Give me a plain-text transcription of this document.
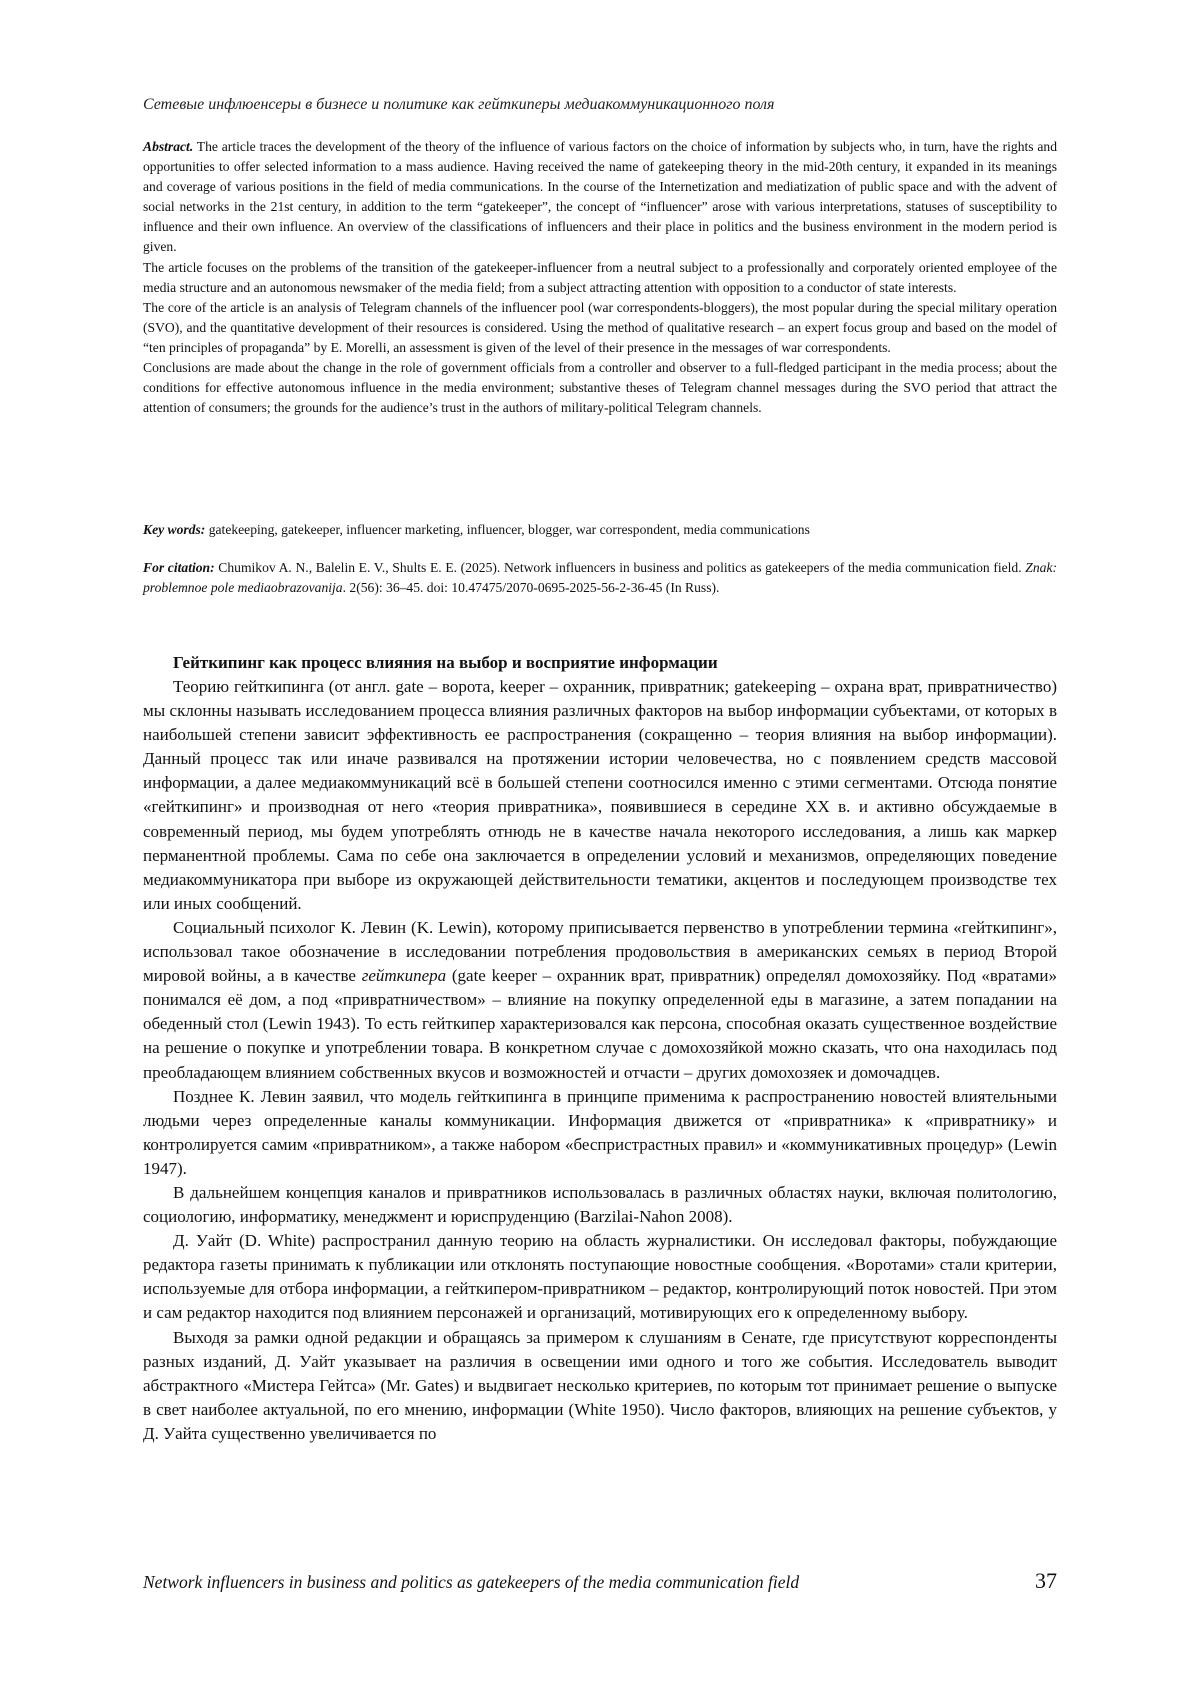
Сетевые инфлюенсеры в бизнесе и политике как гейткиперы медиакоммуникационного поля

Abstract. The article traces the development of the theory of the influence of various factors on the choice of information by subjects who, in turn, have the rights and opportunities to offer selected information to a mass audience. Having received the name of gatekeeping theory in the mid-20th century, it expanded in its meanings and coverage of various positions in the field of media communications. In the course of the Internetization and mediatization of public space and with the advent of social networks in the 21st century, in addition to the term “gatekeeper”, the concept of “influencer” arose with various interpretations, statuses of susceptibility to influence and their own influence. An overview of the classifications of influencers and their place in politics and the business environment in the modern period is given.

The article focuses on the problems of the transition of the gatekeeper-influencer from a neutral subject to a professionally and corporately oriented employee of the media structure and an autonomous newsmaker of the media field; from a subject attracting attention with opposition to a conductor of state interests.

The core of the article is an analysis of Telegram channels of the influencer pool (war correspondents-bloggers), the most popular during the special military operation (SVO), and the quantitative development of their resources is considered. Using the method of qualitative research – an expert focus group and based on the model of “ten principles of propaganda” by E. Morelli, an assessment is given of the level of their presence in the messages of war correspondents.

Conclusions are made about the change in the role of government officials from a controller and observer to a full-fledged participant in the media process; about the conditions for effective autonomous influence in the media environment; substantive theses of Telegram channel messages during the SVO period that attract the attention of consumers; the grounds for the audience’s trust in the authors of military-political Telegram channels.

Key words: gatekeeping, gatekeeper, influencer marketing, influencer, blogger, war correspondent, media communications
For citation: Chumikov A. N., Balelin E. V., Shults E. E. (2025). Network influencers in business and politics as gatekeepers of the media communication field. Znak: problemnoe pole mediaobrazovanija. 2(56): 36–45. doi: 10.47475/2070-0695-2025-56-2-36-45 (In Russ).
Гейткипинг как процесс влияния на выбор и восприятие информации

Теорию гейткипинга (от англ. gate – ворота, keeper – охранник, привратник; gatekeeping – охрана врат, привратничество) мы склонны называть исследованием процесса влияния различных факторов на выбор информации субъектами, от которых в наибольшей степени зависит эффективность ее распространения (сокращенно – теория влияния на выбор информации). Данный процесс так или иначе развивался на протяжении истории человечества, но с появлением средств массовой информации, а далее медиакоммуникаций всё в большей степени соотносился именно с этими сегментами. Отсюда понятие «гейткипинг» и производная от него «теория привратника», появившиеся в середине XX в. и активно обсуждаемые в современный период, мы будем употреблять отнюдь не в качестве начала некоторого исследования, а лишь как маркер перманентной проблемы. Сама по себе она заключается в определении условий и механизмов, определяющих поведение медиакоммуникатора при выборе из окружающей действительности тематики, акцентов и последующем производстве тех или иных сообщений.

Социальный психолог К. Левин (K. Lewin), которому приписывается первенство в употреблении термина «гейткипинг», использовал такое обозначение в исследовании потребления продовольствия в американских семьях в период Второй мировой войны, а в качестве гейткипера (gate keeper – охранник врат, привратник) определял домохозяйку. Под «вратами» понимался её дом, а под «привратничеством» – влияние на покупку определенной еды в магазине, а затем попадании на обеденный стол (Lewin 1943). То есть гейткипер характеризовался как персона, способная оказать существенное воздействие на решение о покупке и употреблении товара. В конкретном случае с домохозяйкой можно сказать, что она находилась под преобладающем влиянием собственных вкусов и возможностей и отчасти – других домохозяек и домочадцев.

Позднее К. Левин заявил, что модель гейткипинга в принципе применима к распространению новостей влиятельными людьми через определенные каналы коммуникации. Информация движется от «привратника» к «привратнику» и контролируется самим «привратником», а также набором «беспристрастных правил» и «коммуникативных процедур» (Lewin 1947).

В дальнейшем концепция каналов и привратников использовалась в различных областях науки, включая политологию, социологию, информатику, менеджмент и юриспруденцию (Barzilai-Nahon 2008).

Д. Уайт (D. White) распространил данную теорию на область журналистики. Он исследовал факторы, побуждающие редактора газеты принимать к публикации или отклонять поступающие новостные сообщения. «Воротами» стали критерии, используемые для отбора информации, а гейткипером-привратником – редактор, контролирующий поток новостей. При этом и сам редактор находится под влиянием персонажей и организаций, мотивирующих его к определенному выбору.

Выходя за рамки одной редакции и обращаясь за примером к слушаниям в Сенате, где присутствуют корреспонденты разных изданий, Д. Уайт указывает на различия в освещении ими одного и того же события. Исследователь выводит абстрактного «Мистера Гейтса» (Mr. Gates) и выдвигает несколько критериев, по которым тот принимает решение о выпуске в свет наиболее актуальной, по его мнению, информации (White 1950). Число факторов, влияющих на решение субъектов, у Д. Уайта существенно увеличивается по

Network influencers in business and politics as gatekeepers of the media communication field	37
